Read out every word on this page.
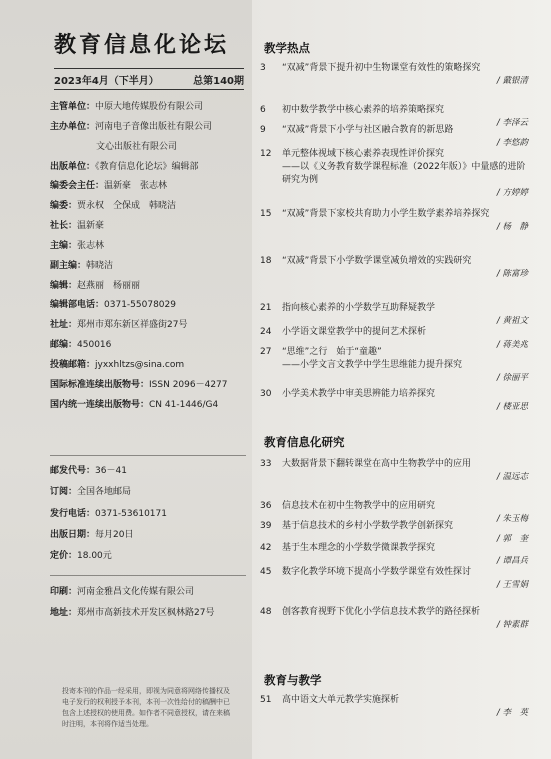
教育信息化论坛
2023年4月（下半月）	总第140期
主管单位：中原大地传媒股份有限公司
主办单位：河南电子音像出版社有限公司
文心出版社有限公司
出版单位：《教育信息化论坛》编辑部
编委会主任：温新豪　张志林
编委：贾永权　仝保成　韩晓洁
社长：温新豪
主编：张志林
副主编：韩晓洁
编辑：赵燕丽　杨丽丽
编辑部电话：0371-55078029
社址：郑州市郑东新区祥盛街27号
邮编：450016
投稿邮箱：jyxxhltzs@sina.com
国际标准连续出版物号：ISSN 2096－4277
国内统一连续出版物号：CN 41-1446/G4
邮发代号：36－41
订阅：全国各地邮局
发行电话：0371-53610171
出版日期：每月20日
定价：18.00元
印刷：河南金雅昌文化传媒有限公司
地址：郑州市高新技术开发区枫林路27号
投寄本刊的作品一经采用，即视为同意将网络传播权及电子发行的权利授予本刊，本刊一次性给付的稿酬中已包含上述授权的使用费。如作者不同意授权，请在来稿时注明，本刊将作适当处理。
教学热点
3 “双减”背景下提升初中生物课堂有效性的策略探究
/ 戴银清
6 初中数学教学中核心素养的培养策略探究
/ 李泽云
9 “双减”背景下小学与社区融合教育的新思路
/ 李悠韵
12 单元整体视域下核心素养表现性评价探究
——以《义务教育数学课程标准（2022年版）》中量感的进阶研究为例
/ 方婷婷
15 “双减”背景下家校共育助力小学生数学素养培养探究
/ 杨　静
18 “双减”背景下小学数学课堂减负增效的实践研究
/ 陈富珍
21 指向核心素养的小学数学互助释疑教学
/ 黄祖文
24 小学语文课堂教学中的提问艺术探析
/ 蒋美兆
27 “思维”之行　始于“童趣”
——小学文言文教学中学生思维能力提升探究
/ 徐丽平
30 小学美术教学中审美思辨能力培养探究
/ 楼亚思
教育信息化研究
33 大数据背景下翻转课堂在高中生物教学中的应用
/ 温远志
36 信息技术在初中生物教学中的应用研究
/ 朱玉梅
39 基于信息技术的乡村小学数学教学创新探究
/ 郭　奎
42 基于生本理念的小学数学微课教学探究
/ 谭昌兵
45 数字化教学环境下提高小学数学课堂有效性探讨
/ 王雪娟
48 创客教育视野下优化小学信息技术教学的路径探析
/ 钟素群
教育与教学
51 高中语文大单元教学实施探析
/ 李　英
